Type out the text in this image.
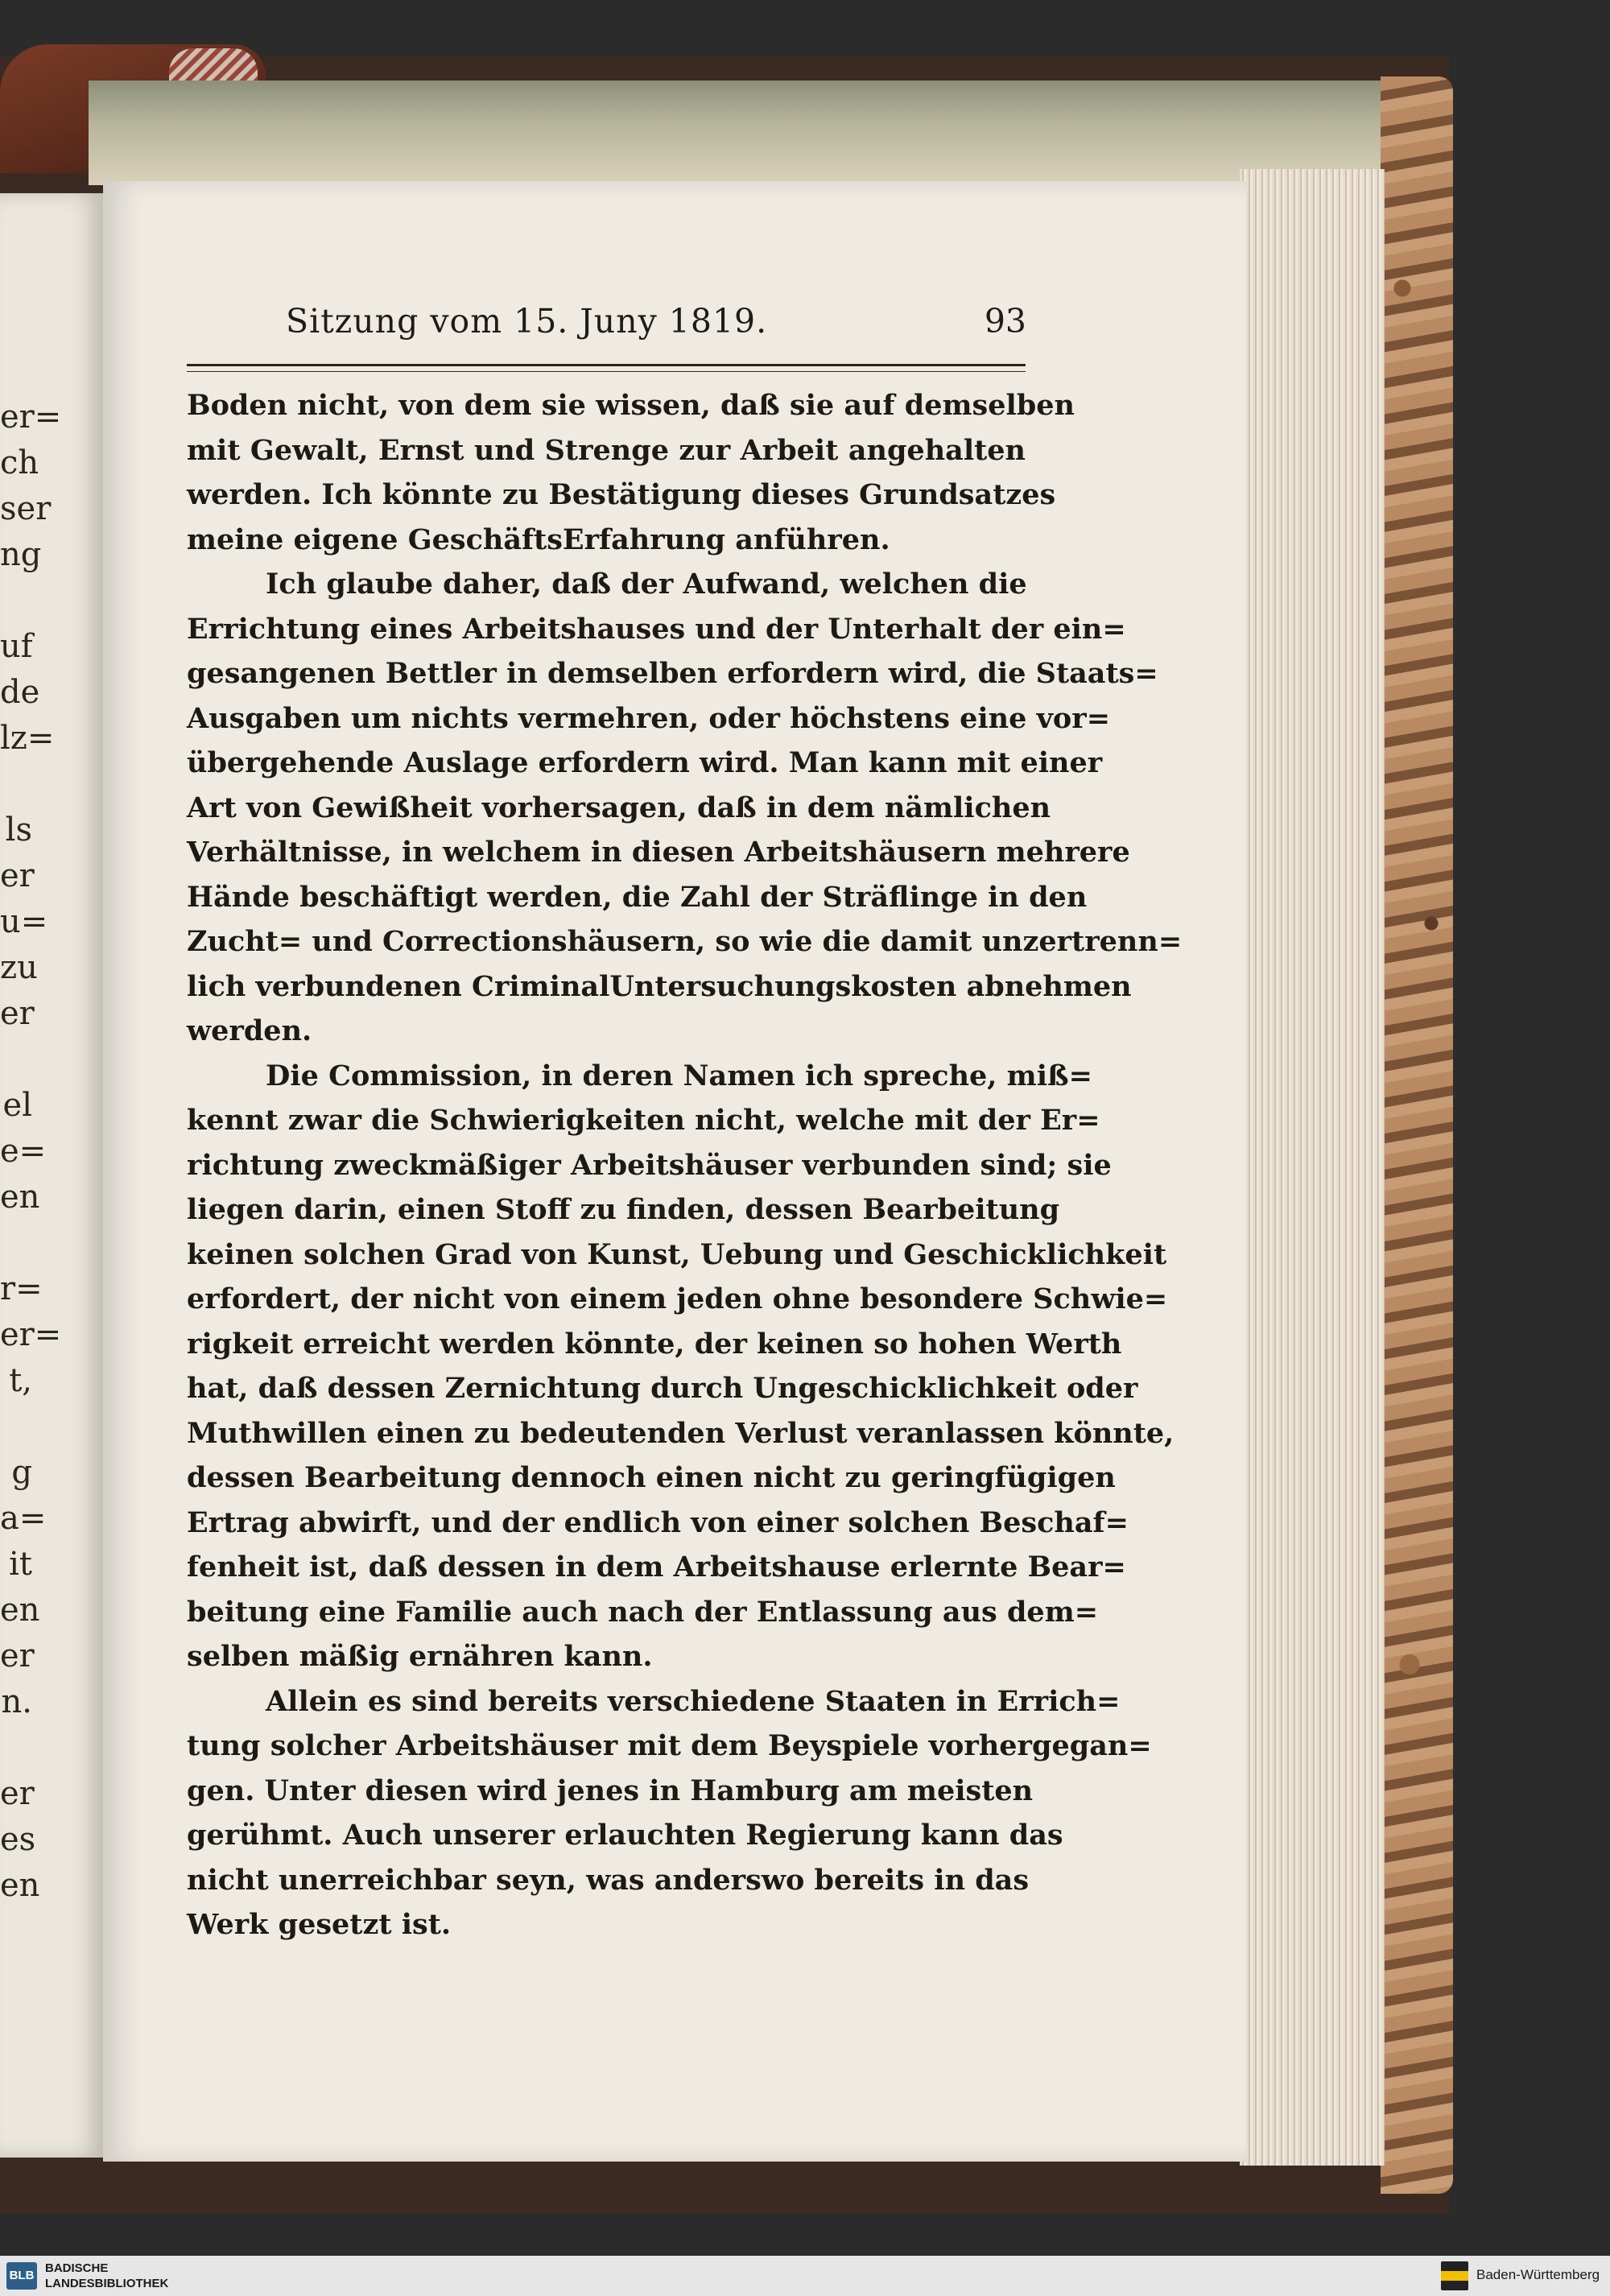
er=
ch
ser
ng
uf
de
lz=
ls
er
u=
zu
er
el
e=
en
r=
er=
t,
g
a=
it
en
er
n.
er
es
en
Sitzung vom 15. Juny 1819.	93
Boden nicht, von dem sie wissen, daß sie auf demselben
mit Gewalt, Ernst und Strenge zur Arbeit angehalten
werden. Ich könnte zu Bestätigung dieses Grundsatzes
meine eigene GeschäftsErfahrung anführen.
Ich glaube daher, daß der Aufwand, welchen die
Errichtung eines Arbeitshauses und der Unterhalt der ein=
gesangenen Bettler in demselben erfordern wird, die Staats=
Ausgaben um nichts vermehren, oder höchstens eine vor=
übergehende Auslage erfordern wird. Man kann mit einer
Art von Gewißheit vorhersagen, daß in dem nämlichen
Verhältnisse, in welchem in diesen Arbeitshäusern mehrere
Hände beschäftigt werden, die Zahl der Sträflinge in den
Zucht= und Correctionshäusern, so wie die damit unzertrenn=
lich verbundenen CriminalUntersuchungskosten abnehmen
werden.
Die Commission, in deren Namen ich spreche, miß=
kennt zwar die Schwierigkeiten nicht, welche mit der Er=
richtung zweckmäßiger Arbeitshäuser verbunden sind; sie
liegen darin, einen Stoff zu finden, dessen Bearbeitung
keinen solchen Grad von Kunst, Uebung und Geschicklichkeit
erfordert, der nicht von einem jeden ohne besondere Schwie=
rigkeit erreicht werden könnte, der keinen so hohen Werth
hat, daß dessen Zernichtung durch Ungeschicklichkeit oder
Muthwillen einen zu bedeutenden Verlust veranlassen könnte,
dessen Bearbeitung dennoch einen nicht zu geringfügigen
Ertrag abwirft, und der endlich von einer solchen Beschaf=
fenheit ist, daß dessen in dem Arbeitshause erlernte Bear=
beitung eine Familie auch nach der Entlassung aus dem=
selben mäßig ernähren kann.
Allein es sind bereits verschiedene Staaten in Errich=
tung solcher Arbeitshäuser mit dem Beyspiele vorhergegan=
gen. Unter diesen wird jenes in Hamburg am meisten
gerühmt. Auch unserer erlauchten Regierung kann das
nicht unerreichbar seyn, was anderswo bereits in das
Werk gesetzt ist.
BLB
BADISCHE
LANDESBIBLIOTHEK
Baden-Württemberg
